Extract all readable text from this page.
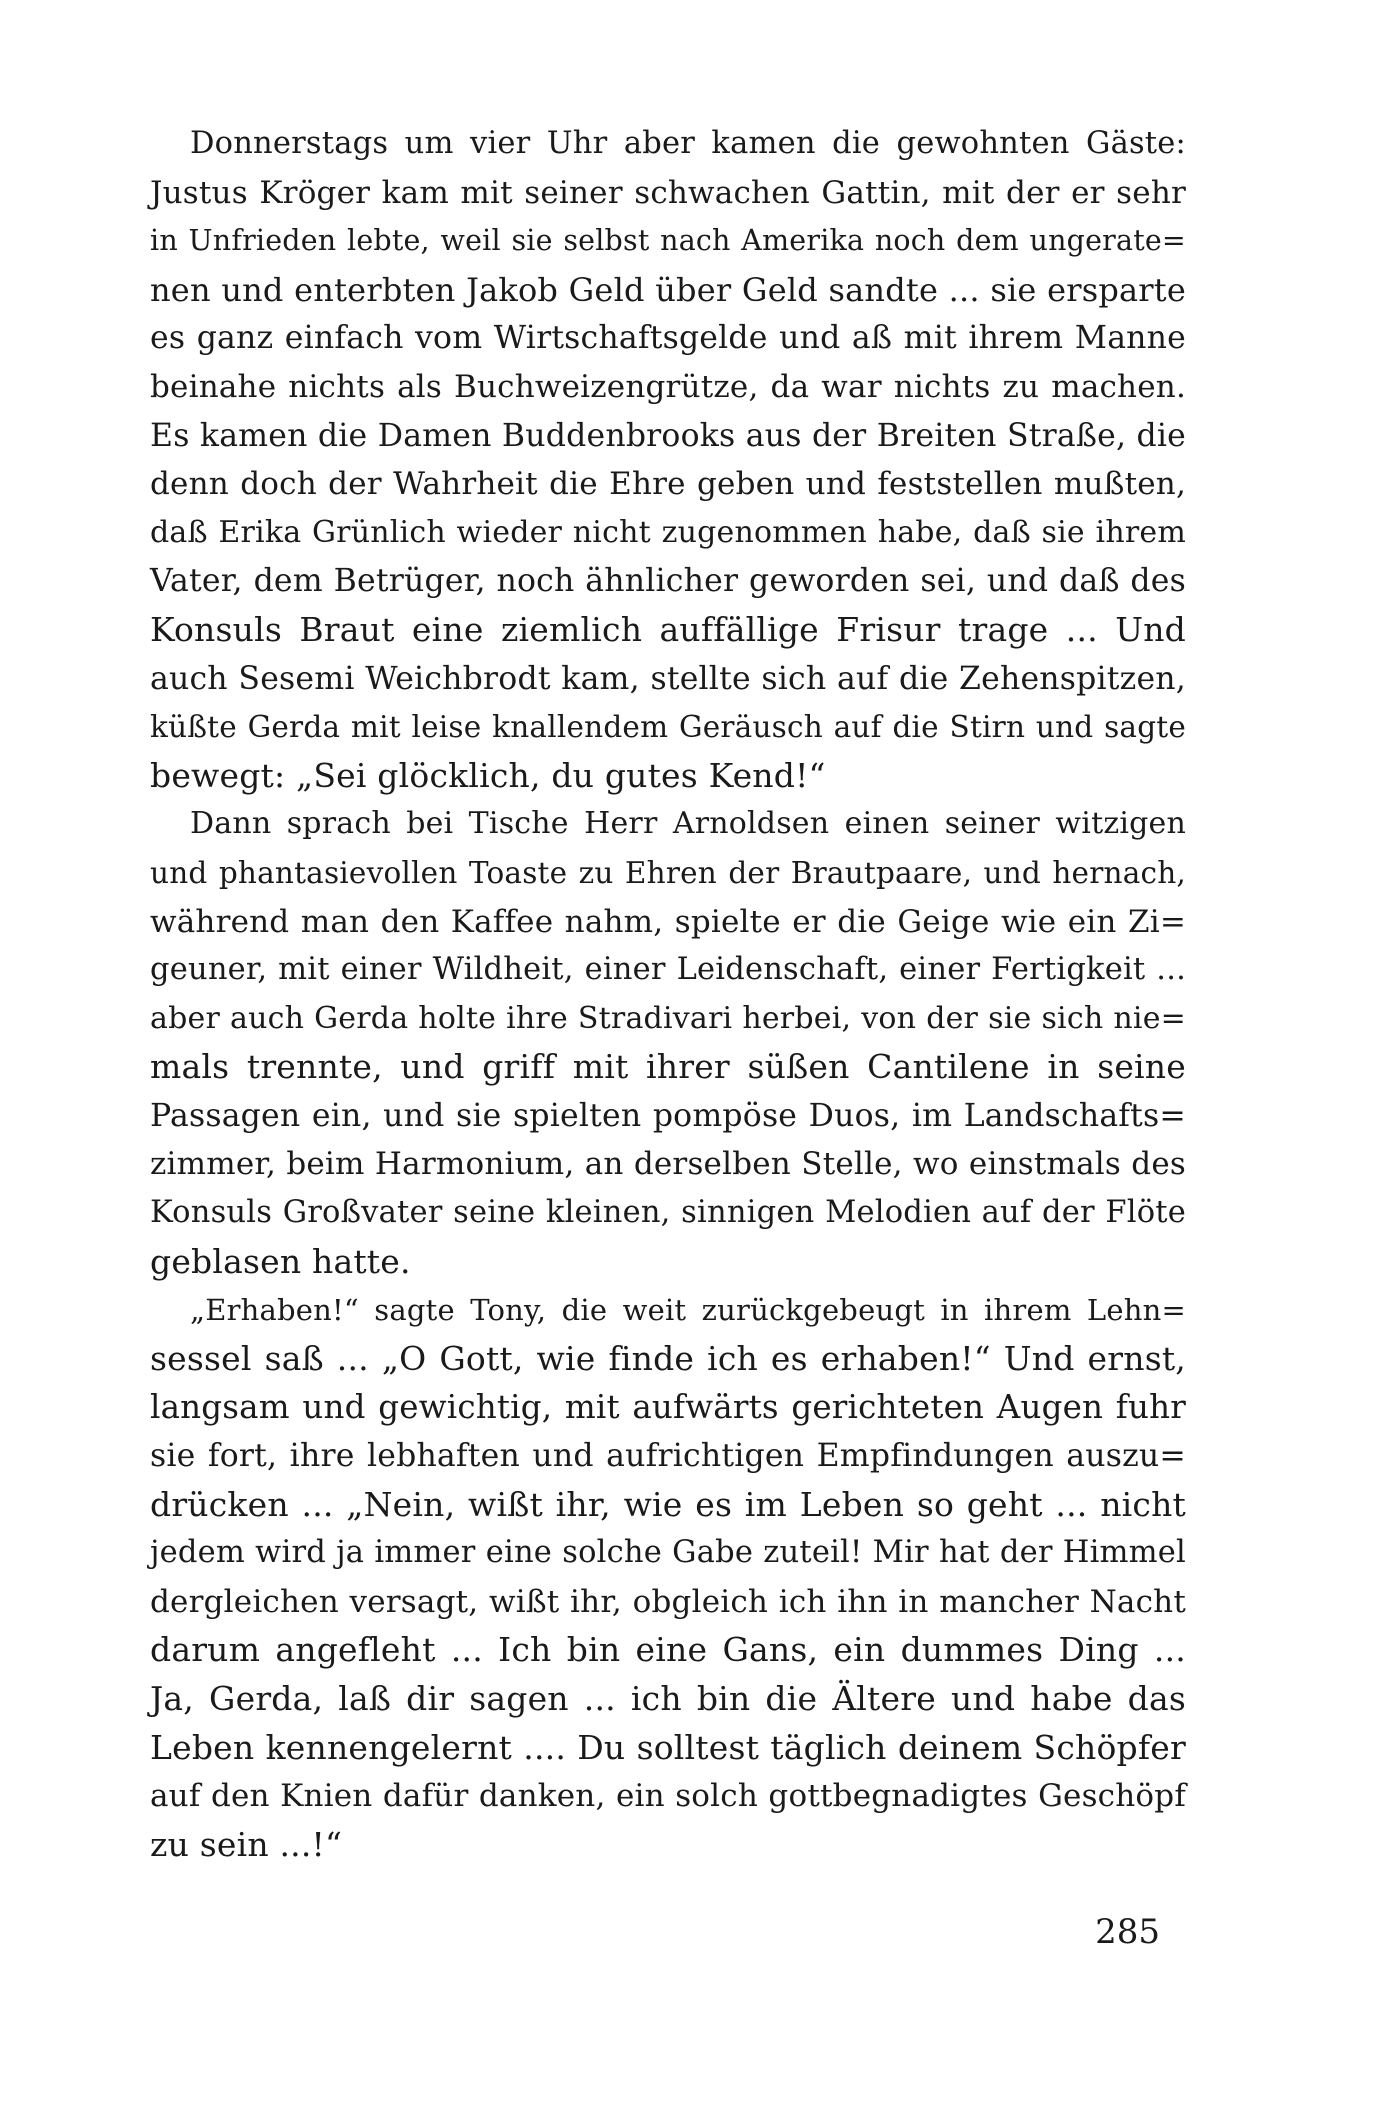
Donnerstags um vier Uhr aber kamen die gewohnten Gäste:
Justus Kröger kam mit seiner schwachen Gattin, mit der er sehr
in Unfrieden lebte, weil sie selbst nach Amerika noch dem ungerate=
nen und enterbten Jakob Geld über Geld sandte ... sie ersparte
es ganz einfach vom Wirtschaftsgelde und aß mit ihrem Manne
beinahe nichts als Buchweizengrütze, da war nichts zu machen.
Es kamen die Damen Buddenbrooks aus der Breiten Straße, die
denn doch der Wahrheit die Ehre geben und feststellen mußten,
daß Erika Grünlich wieder nicht zugenommen habe, daß sie ihrem
Vater, dem Betrüger, noch ähnlicher geworden sei, und daß des
Konsuls Braut eine ziemlich auffällige Frisur trage ... Und
auch Sesemi Weichbrodt kam, stellte sich auf die Zehenspitzen,
küßte Gerda mit leise knallendem Geräusch auf die Stirn und sagte
bewegt: „Sei glöcklich, du gutes Kend!“
Dann sprach bei Tische Herr Arnoldsen einen seiner witzigen
und phantasievollen Toaste zu Ehren der Brautpaare, und hernach,
während man den Kaffee nahm, spielte er die Geige wie ein Zi=
geuner, mit einer Wildheit, einer Leidenschaft, einer Fertigkeit ...
aber auch Gerda holte ihre Stradivari herbei, von der sie sich nie=
mals trennte, und griff mit ihrer süßen Cantilene in seine
Passagen ein, und sie spielten pompöse Duos, im Landschafts=
zimmer, beim Harmonium, an derselben Stelle, wo einstmals des
Konsuls Großvater seine kleinen, sinnigen Melodien auf der Flöte
geblasen hatte.
„Erhaben!“ sagte Tony, die weit zurückgebeugt in ihrem Lehn=
sessel saß ... „O Gott, wie finde ich es erhaben!“ Und ernst,
langsam und gewichtig, mit aufwärts gerichteten Augen fuhr
sie fort, ihre lebhaften und aufrichtigen Empfindungen auszu=
drücken ... „Nein, wißt ihr, wie es im Leben so geht ... nicht
jedem wird ja immer eine solche Gabe zuteil! Mir hat der Himmel
dergleichen versagt, wißt ihr, obgleich ich ihn in mancher Nacht
darum angefleht ... Ich bin eine Gans, ein dummes Ding ...
Ja, Gerda, laß dir sagen ... ich bin die Ältere und habe das
Leben kennengelernt .... Du solltest täglich deinem Schöpfer
auf den Knien dafür danken, ein solch gottbegnadigtes Geschöpf
zu sein ...!“
285
